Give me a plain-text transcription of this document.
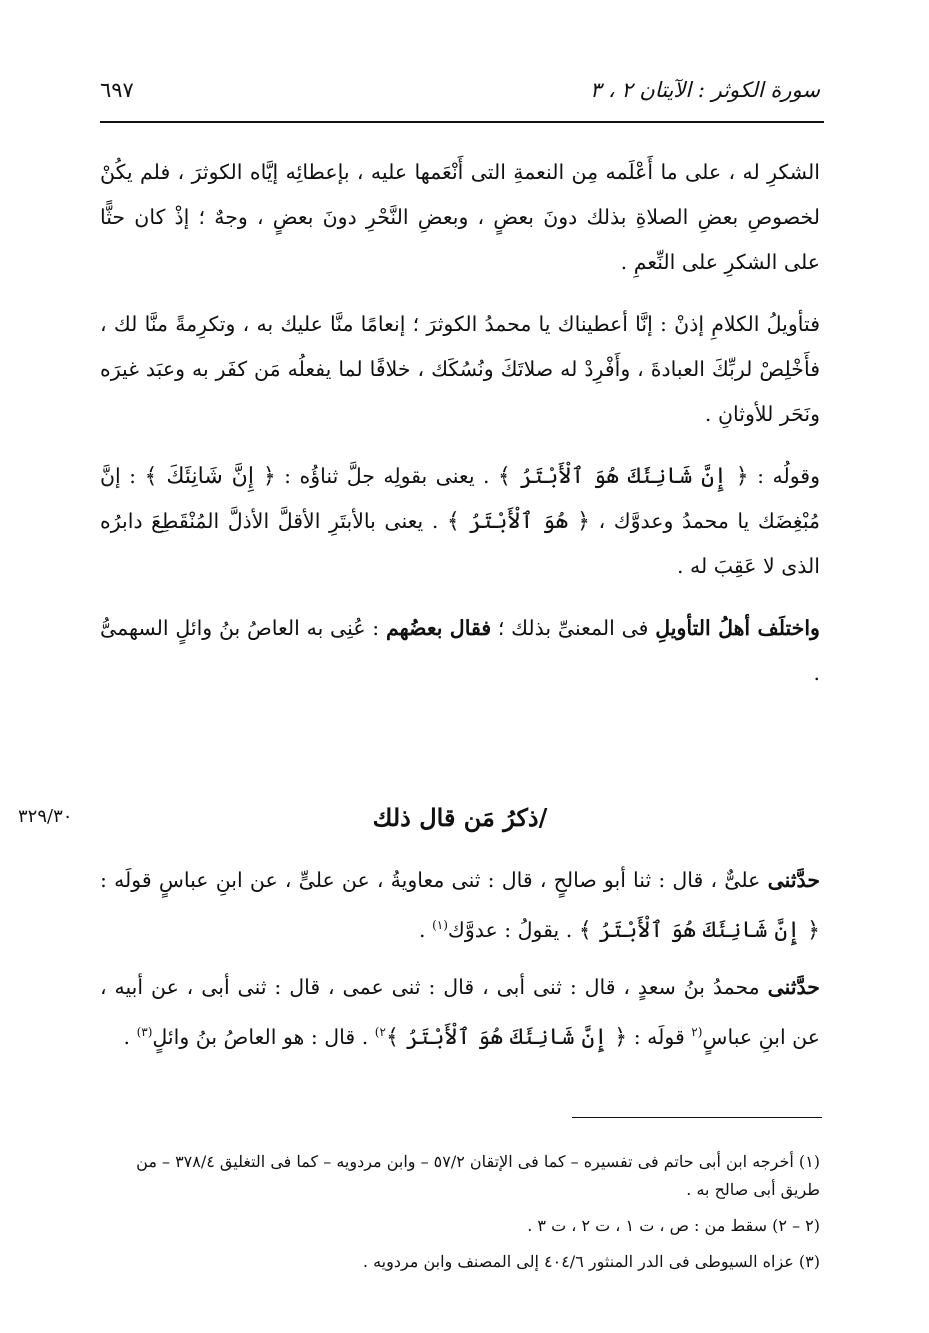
سورة الكوثر : الآيتان ٢ ، ٣
٦٩٧

الشكرِ له ، على ما أَعْلَمه مِن النعمةِ التى أَنْعَمها عليه ، بإعطائِه إيَّاه الكوثرَ ، فلم يكُنْ لخصوصِ بعضِ الصلاةِ بذلك دونَ بعضٍ ، وبعضِ النَّحْرِ دونَ بعضٍ ، وجهٌ ؛ إذْ كان حثًّا على الشكرِ على النِّعمِ .

فتأويلُ الكلامِ إذنْ : إنَّا أعطيناك يا محمدُ الكوثرَ ؛ إنعامًا منَّا عليك به ، وتكرِمةً منَّا لك ، فأَخْلِصْ لربِّكَ العبادةَ ، وأَفْرِدْ له صلاتَكَ ونُسُكَك ، خلافًا لما يفعلُه مَن كفَر به وعبَد غيرَه ونَحَر للأوثانِ .

وقولُه : ﴿ إِنَّ شَانِئَكَ هُوَ ٱلْأَبْتَرُ ﴾ . يعنى بقولِه جلَّ ثناؤُه : ﴿ إِنَّ شَانِئَكَ ﴾ : إنَّ مُبْغِضَك يا محمدُ وعدوَّك ، ﴿ هُوَ ٱلْأَبْتَرُ ﴾ . يعنى بالأبتَرِ الأقلَّ الأذلَّ المُنْقَطِعَ دابرُه الذى لا عَقِبَ له .

واختلَف أهلُ التأويلِ فى المعنىِّ بذلك ؛ فقال بعضُهم : عُنِى به العاصُ بنُ وائلٍ السهمىُّ .

/ذكرُ مَن قال ذلك
٣٢٩/٣٠

حدَّثنى علىٌّ ، قال : ثنا أبو صالحٍ ، قال : ثنى معاويةُ ، عن علىٍّ ، عن ابنِ عباسٍ قولَه : ﴿ إِنَّ شَانِئَكَ هُوَ ٱلْأَبْتَرُ ﴾ . يقولُ : عدوَّك$^{(١)}$ .

حدَّثنى محمدُ بنُ سعدٍ ، قال : ثنى أبى ، قال : ثنى عمى ، قال : ثنى أبى ، عن أبيه ، عن ابنِ عباسٍ$^{(٢}$ قولَه : ﴿ إِنَّ شَانِئَكَ هُوَ ٱلْأَبْتَرُ ﴾$^{٢)}$ . قال : هو العاصُ بنُ وائلٍ$^{(٣)}$ .

(١) أخرجه ابن أبى حاتم فى تفسيره – كما فى الإتقان ٥٧/٢ – وابن مردويه – كما فى التغليق ٣٧٨/٤ – من طريق أبى صالح به .

(٢ – ٢) سقط من : ص ، ت ١ ، ت ٢ ، ت ٣ .

(٣) عزاه السيوطى فى الدر المنثور ٤٠٤/٦ إلى المصنف وابن مردويه .
